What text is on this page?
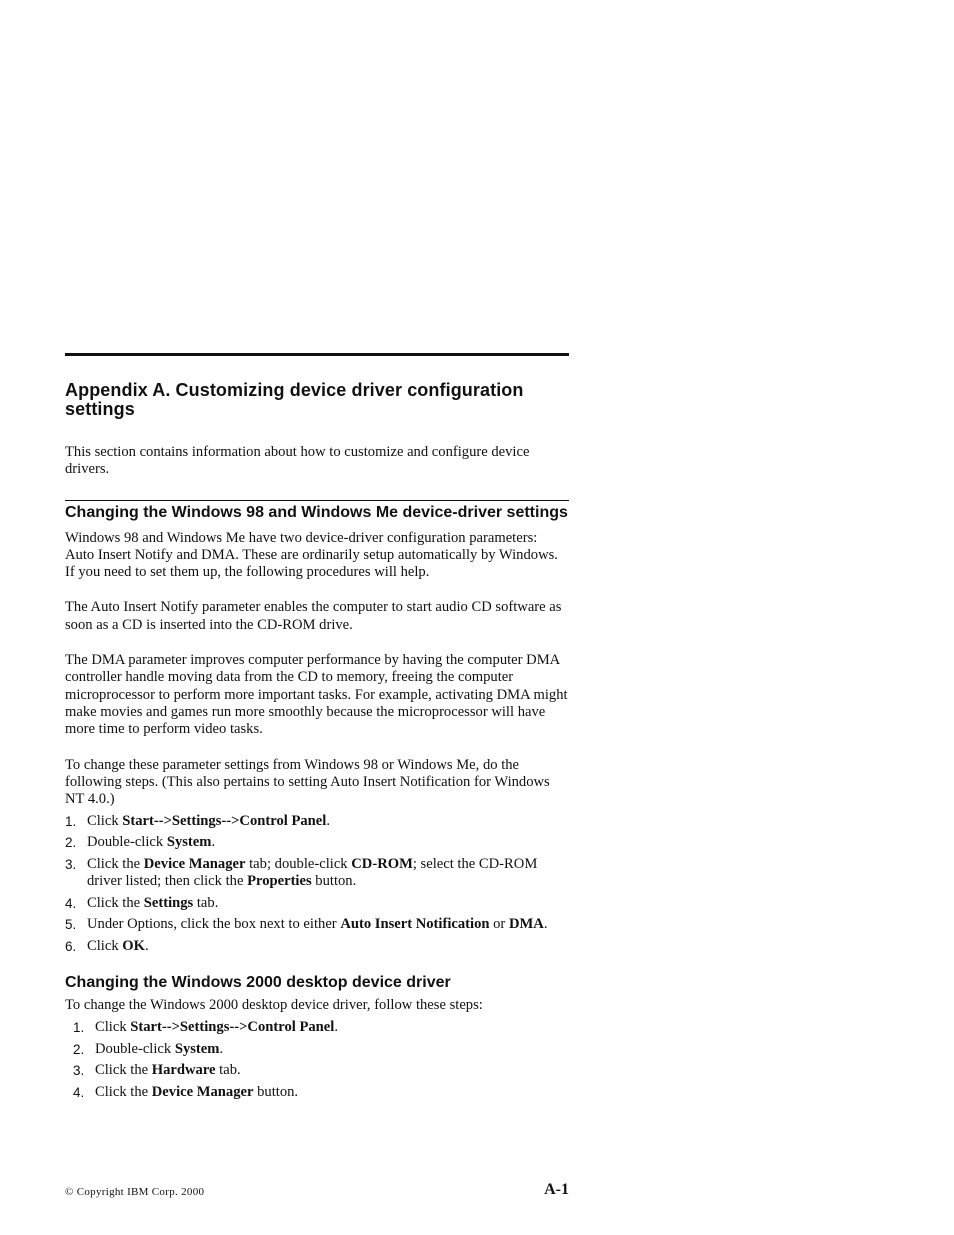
Appendix A. Customizing device driver configuration settings

This section contains information about how to customize and configure device drivers.

Changing the Windows 98 and Windows Me device-driver settings

Windows 98 and Windows Me have two device-driver configuration parameters: Auto Insert Notify and DMA. These are ordinarily setup automatically by Windows. If you need to set them up, the following procedures will help.

The Auto Insert Notify parameter enables the computer to start audio CD software as soon as a CD is inserted into the CD-ROM drive.

The DMA parameter improves computer performance by having the computer DMA controller handle moving data from the CD to memory, freeing the computer microprocessor to perform more important tasks. For example, activating DMA might make movies and games run more smoothly because the microprocessor will have more time to perform video tasks.

To change these parameter settings from Windows 98 or Windows Me, do the following steps. (This also pertains to setting Auto Insert Notification for Windows NT 4.0.)

1. Click Start-->Settings-->Control Panel.
2. Double-click System.
3. Click the Device Manager tab; double-click CD-ROM; select the CD-ROM driver listed; then click the Properties button.
4. Click the Settings tab.
5. Under Options, click the box next to either Auto Insert Notification or DMA.
6. Click OK.
Changing the Windows 2000 desktop device driver

To change the Windows 2000 desktop device driver, follow these steps:

1. Click Start-->Settings-->Control Panel.
2. Double-click System.
3. Click the Hardware tab.
4. Click the Device Manager button.
© Copyright IBM Corp. 2000	A-1
